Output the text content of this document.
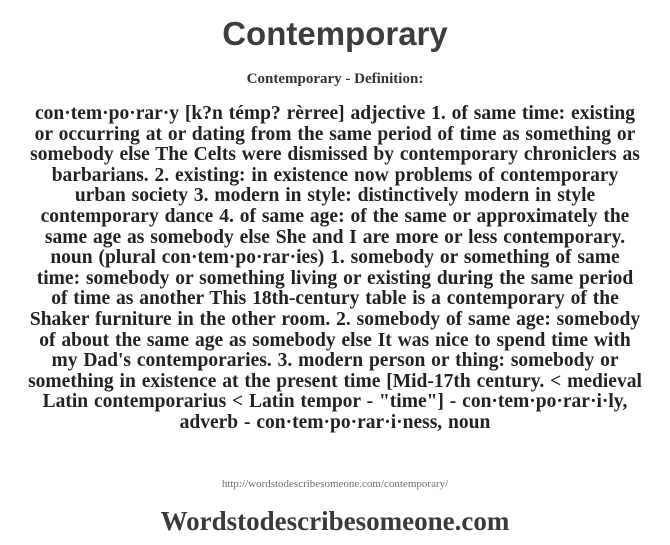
Contemporary
Contemporary - Definition:

con·tem·po·rar·y [k?n témp? rèrree] adjective 1. of same time: existing or occurring at or dating from the same period of time as something or somebody else The Celts were dismissed by contemporary chroniclers as barbarians. 2. existing: in existence now problems of contemporary urban society 3. modern in style: distinctively modern in style contemporary dance 4. of same age: of the same or approximately the same age as somebody else She and I are more or less contemporary. noun (plural con·tem·po·rar·ies) 1. somebody or something of same time: somebody or something living or existing during the same period of time as another This 18th-century table is a contemporary of the Shaker furniture in the other room. 2. somebody of same age: somebody of about the same age as somebody else It was nice to spend time with my Dad's contemporaries. 3. modern person or thing: somebody or something in existence at the present time [Mid-17th century. < medieval Latin contemporarius < Latin tempor - "time"] - con·tem·po·rar·i·ly, adverb - con·tem·po·rar·i·ness, noun

http://wordstodescribesomeone.com/contemporary/
Wordstodescribesomeone.com
